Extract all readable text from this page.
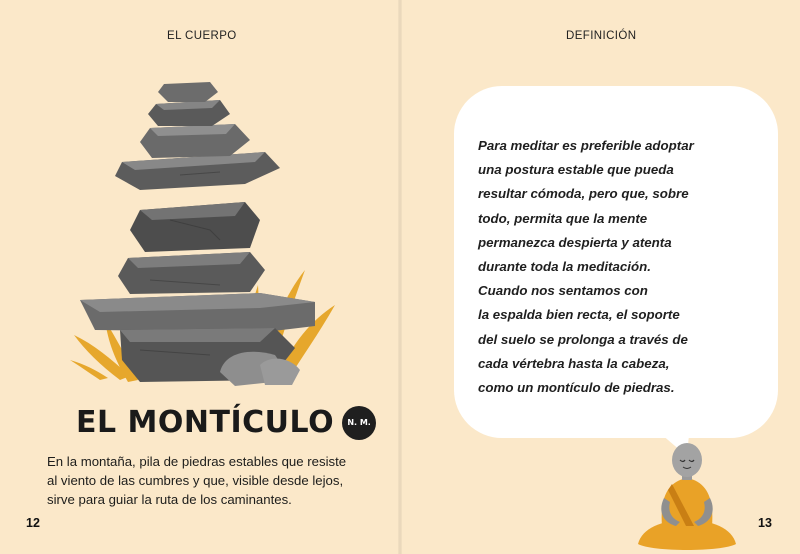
EL CUERPO
EL MONTÍCULO	N. M.
En la montaña, pila de piedras estables que resiste
al viento de las cumbres y que, visible desde lejos,
sirve para guiar la ruta de los caminantes.
12
DEFINICIÓN
Para meditar es preferible adoptar
una postura estable que pueda
resultar cómoda, pero que, sobre
todo, permita que la mente
permanezca despierta y atenta
durante toda la meditación.
Cuando nos sentamos con
la espalda bien recta, el soporte
del suelo se prolonga a través de
cada vértebra hasta la cabeza,
como un montículo de piedras.
13
